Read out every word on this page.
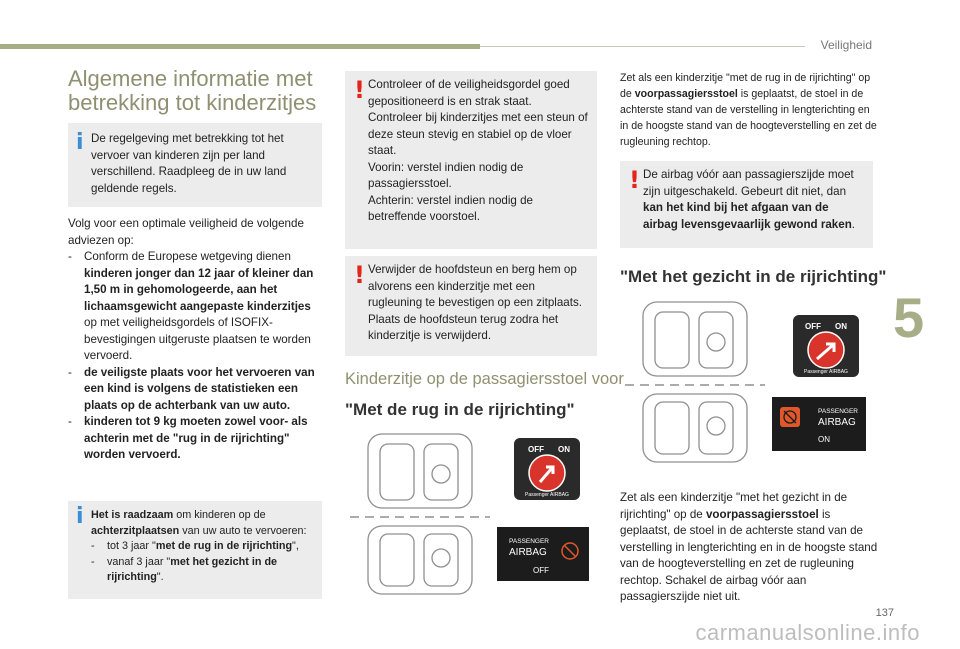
Veiligheid
5
137
carmanualsonline.info
Algemene informatie met betrekking tot kinderzitjes
i De regelgeving met betrekking tot het vervoer van kinderen zijn per land verschillend. Raadpleeg de in uw land geldende regels.
Volg voor een optimale veiligheid de volgende adviezen op:
-	Conform de Europese wetgeving dienen kinderen jonger dan 12 jaar of kleiner dan 1,50 m in gehomologeerde, aan het lichaamsgewicht aangepaste kinderzitjes op met veiligheidsgordels of ISOFIX-bevestigingen uitgeruste plaatsen te worden vervoerd.
-	de veiligste plaats voor het vervoeren van een kind is volgens de statistieken een plaats op de achterbank van uw auto.
-	kinderen tot 9 kg moeten zowel voor- als achterin met de "rug in de rijrichting" worden vervoerd.
i Het is raadzaam om kinderen op de achterzitplaatsen van uw auto te vervoeren:
-	tot 3 jaar "met de rug in de rijrichting",
-	vanaf 3 jaar "met het gezicht in de rijrichting".
! Controleer of de veiligheidsgordel goed gepositioneerd is en strak staat.
Controleer bij kinderzitjes met een steun of deze steun stevig en stabiel op de vloer staat.
Voorin: verstel indien nodig de passagiersstoel.
Achterin: verstel indien nodig de betreffende voorstoel.
! Verwijder de hoofdsteun en berg hem op alvorens een kinderzitje met een rugleuning te bevestigen op een zitplaats. Plaats de hoofdsteun terug zodra het kinderzitje is verwijderd.
Kinderzitje op de passagiersstoel voor
"Met de rug in de rijrichting"
OFF ON
Passenger AIRBAG
PASSENGER
AIRBAG
OFF
Zet als een kinderzitje "met de rug in de rijrichting" op de voorpassagiersstoel is geplaatst, de stoel in de achterste stand van de verstelling in lengterichting en in de hoogste stand van de hoogteverstelling en zet de rugleuning rechtop.
! De airbag vóór aan passagierszijde moet zijn uitgeschakeld. Gebeurt dit niet, dan kan het kind bij het afgaan van de airbag levensgevaarlijk gewond raken.
"Met het gezicht in de rijrichting"
OFF ON
Passenger AIRBAG
PASSENGER
AIRBAG
ON
Zet als een kinderzitje "met het gezicht in de rijrichting" op de voorpassagiersstoel is geplaatst, de stoel in de achterste stand van de verstelling in lengterichting en in de hoogste stand van de hoogteverstelling en zet de rugleuning rechtop. Schakel de airbag vóór aan passagierszijde niet uit.
